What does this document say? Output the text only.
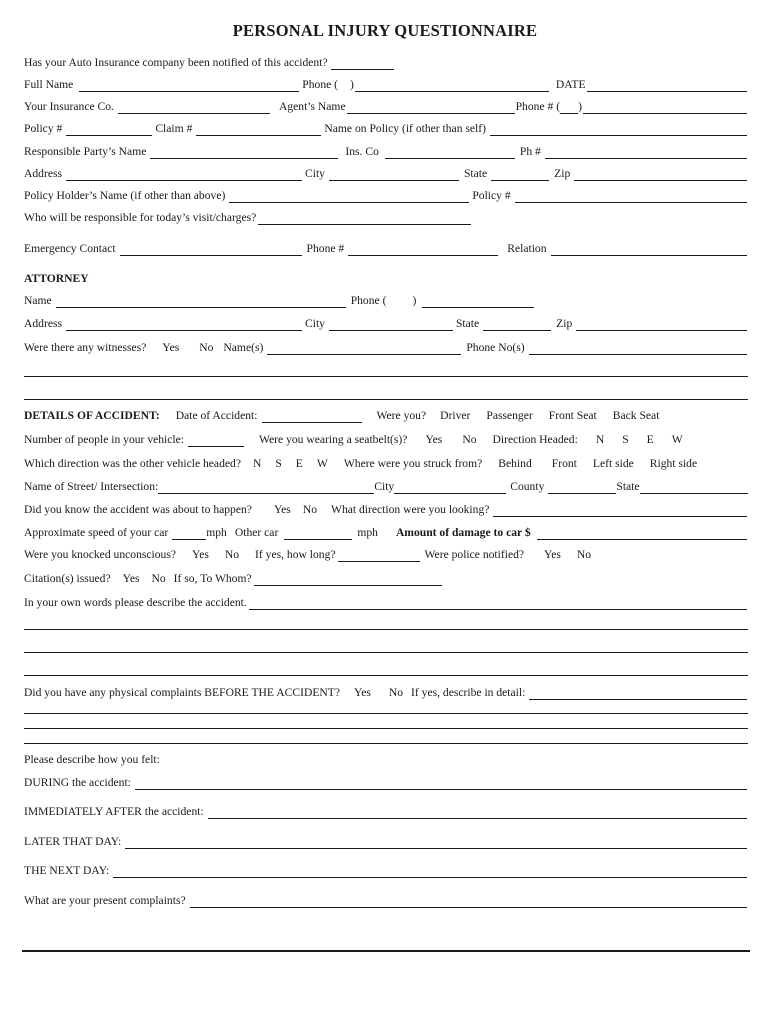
PERSONAL INJURY QUESTIONNAIRE
Has your Auto Insurance company been notified of this accident?
Full Name	Phone ( )	DATE
Your Insurance Co.	Agent’s Name	Phone # ( )
Policy #	Claim #	Name on Policy (if other than self)
Responsible Party’s Name	Ins. Co	Ph #
Address	City	State	Zip
Policy Holder’s Name (if other than above)	Policy #
Who will be responsible for today’s visit/charges?
Emergency Contact	Phone #	Relation
ATTORNEY
Name	Phone ( )
Address	City	State	Zip
Were there any witnesses? Yes No Name(s)	Phone No(s)
DETAILS OF ACCIDENT: Date of Accident:	Were you? Driver Passenger Front Seat Back Seat
Number of people in your vehicle:	Were you wearing a seatbelt(s)? Yes No Direction Headed: N S E W
Which direction was the other vehicle headed? N S E W Where were you struck from? Behind Front Left side Right side
Name of Street/ Intersection:	City	County	State
Did you know the accident was about to happen? Yes No What direction were you looking?
Approximate speed of your car	mph Other car	mph Amount of damage to car $
Were you knocked unconscious? Yes No If yes, how long?	Were police notified? Yes No
Citation(s) issued? Yes No If so, To Whom?
In your own words please describe the accident.
Did you have any physical complaints BEFORE THE ACCIDENT? Yes No If yes, describe in detail:
Please describe how you felt:
DURING the accident:
IMMEDIATELY AFTER the accident:
LATER THAT DAY:
THE NEXT DAY:
What are your present complaints?
